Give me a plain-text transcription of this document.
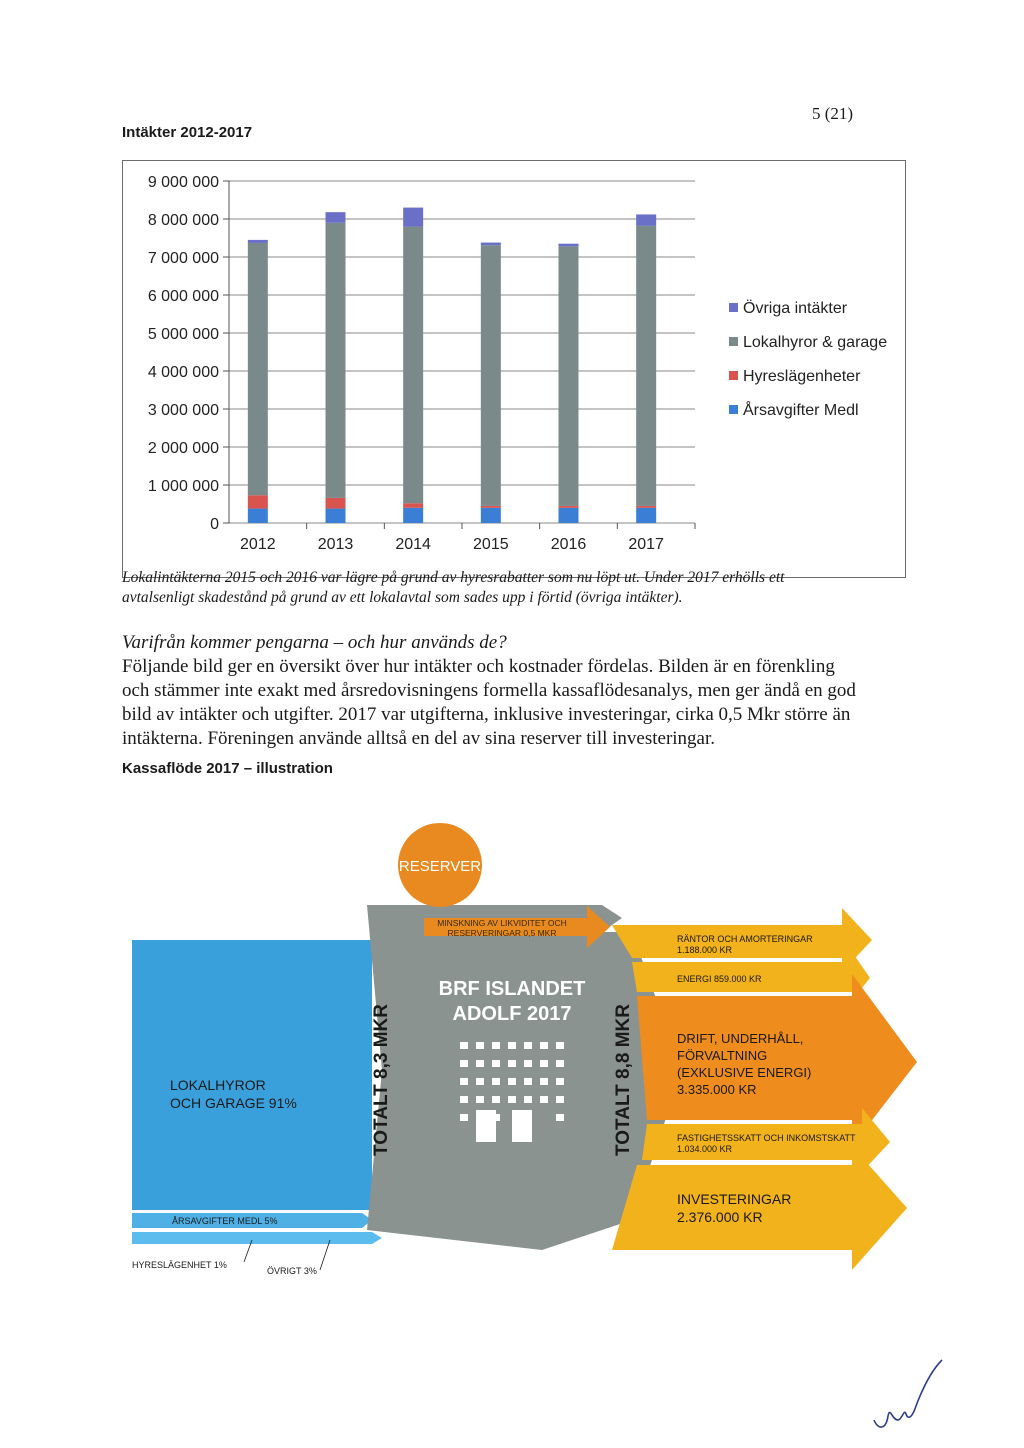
5 (21)
Intäkter 2012-2017
0
1 000 000
2 000 000
3 000 000
4 000 000
5 000 000
6 000 000
7 000 000
8 000 000
9 000 000
2012	2013	2014	2015	2016	2017
Övriga intäkter
Lokalhyror & garage
Hyreslägenheter
Årsavgifter Medl

Lokalintäkterna 2015 och 2016 var lägre på grund av hyresrabatter som nu löpt ut. Under 2017 erhölls ett

avtalsenligt skadestånd på grund av ett lokalavtal som sades upp i förtid (övriga intäkter).

Varifrån kommer pengarna – och hur används de?

Följande bild ger en översikt över hur intäkter och kostnader fördelas. Bilden är en förenkling

och stämmer inte exakt med årsredovisningens formella kassaflödesanalys, men ger ändå en god

bild av intäkter och utgifter. 2017 var utgifterna, inklusive investeringar, cirka 0,5 Mkr större än

intäkterna. Föreningen använde alltså en del av sina reserver till investeringar.

Kassaflöde 2017 – illustration
RESERVER
MINSKNING AV LIKVIDITET OCH
RESERVERINGAR 0,5 MKR
BRF ISLANDET
ADOLF 2017
TOTALT 8,3 MKR	TOTALT 8,8 MKR
LOKALHYROR
OCH GARAGE 91%
ÅRSAVGIFTER MEDL 5%
HYRESLÄGENHET 1%
ÖVRIGT 3%
RÄNTOR OCH AMORTERINGAR
1.188.000 KR
ENERGI 859.000 KR
DRIFT, UNDERHÅLL,
FÖRVALTNING
(EXKLUSIVE ENERGI)
3.335.000 KR
FASTIGHETSSKATT OCH INKOMSTSKATT
1.034.000 KR
INVESTERINGAR
2.376.000 KR
